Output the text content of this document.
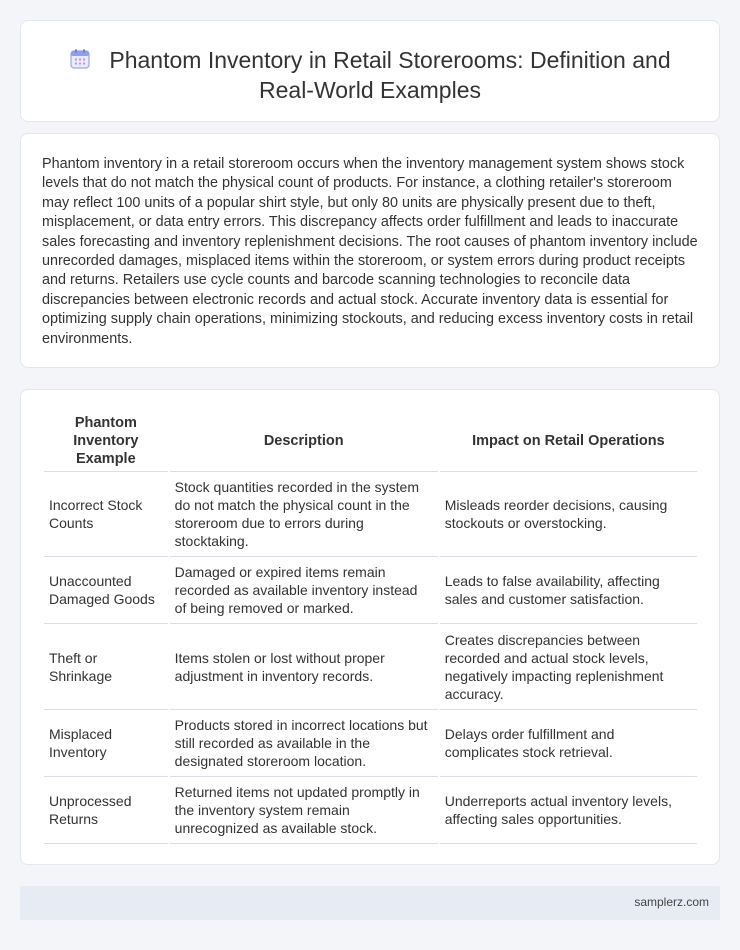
Phantom Inventory in Retail Storerooms: Definition and Real-World Examples

Phantom inventory in a retail storeroom occurs when the inventory management system shows stock levels that do not match the physical count of products. For instance, a clothing retailer's storeroom may reflect 100 units of a popular shirt style, but only 80 units are physically present due to theft, misplacement, or data entry errors. This discrepancy affects order fulfillment and leads to inaccurate sales forecasting and inventory replenishment decisions. The root causes of phantom inventory include unrecorded damages, misplaced items within the storeroom, or system errors during product receipts and returns. Retailers use cycle counts and barcode scanning technologies to reconcile data discrepancies between electronic records and actual stock. Accurate inventory data is essential for optimizing supply chain operations, minimizing stockouts, and reducing excess inventory costs in retail environments.

Phantom Inventory Example	Description	Impact on Retail Operations
Incorrect Stock Counts	Stock quantities recorded in the system do not match the physical count in the storeroom due to errors during stocktaking.	Misleads reorder decisions, causing stockouts or overstocking.
Unaccounted Damaged Goods	Damaged or expired items remain recorded as available inventory instead of being removed or marked.	Leads to false availability, affecting sales and customer satisfaction.
Theft or Shrinkage	Items stolen or lost without proper adjustment in inventory records.	Creates discrepancies between recorded and actual stock levels, negatively impacting replenishment accuracy.
Misplaced Inventory	Products stored in incorrect locations but still recorded as available in the designated storeroom location.	Delays order fulfillment and complicates stock retrieval.
Unprocessed Returns	Returned items not updated promptly in the inventory system remain unrecognized as available stock.	Underreports actual inventory levels, affecting sales opportunities.
samplerz.com
